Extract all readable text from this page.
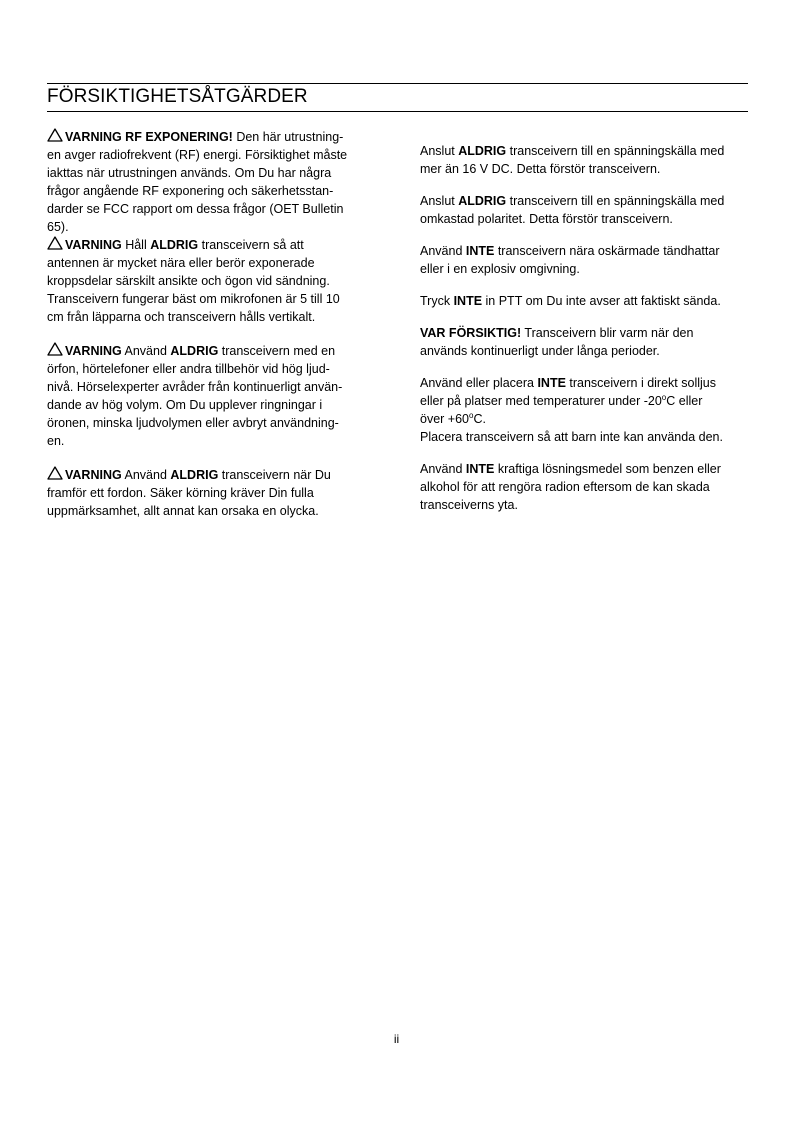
FÖRSIKTIGHETSÅTGÄRDER
VARNING RF EXPONERING! Den här utrustning-
en avger radiofrekvent (RF) energi. Försiktighet måste
iakttas när utrustningen används. Om Du har några
frågor angående RF exponering och säkerhetsstan-
darder se FCC rapport om dessa frågor (OET Bulletin
65).
VARNING Håll ALDRIG transceivern så att
antennen är mycket nära eller berör exponerade
kroppsdelar särskilt ansikte och ögon vid sändning.
Transceivern fungerar bäst om mikrofonen är 5 till 10
cm från läpparna och transceivern hålls vertikalt.
VARNING Använd ALDRIG transceivern med en
örfon, hörtelefoner eller andra tillbehör vid hög ljud-
nivå. Hörselexperter avråder från kontinuerligt använ-
dande av hög volym. Om Du upplever ringningar i
öronen, minska ljudvolymen eller avbryt användning-
en.
VARNING Använd ALDRIG transceivern när Du
framför ett fordon. Säker körning kräver Din fulla
uppmärksamhet, allt annat kan orsaka en olycka.
Anslut ALDRIG transceivern till en spänningskälla med
mer än 16 V DC. Detta förstör transceivern.
Anslut ALDRIG transceivern till en spänningskälla med
omkastad polaritet. Detta förstör transceivern.
Använd INTE transceivern nära oskärmade tändhattar
eller i en explosiv omgivning.
Tryck INTE in PTT om Du inte avser att faktiskt sända.
VAR FÖRSIKTIG! Transceivern blir varm när den
används kontinuerligt under långa perioder.
Använd eller placera INTE transceivern i direkt solljus
eller på platser med temperaturer under -20$^o$C eller
över $+60^oC$.
Placera transceivern så att barn inte kan använda den.
Använd INTE kraftiga lösningsmedel som benzen eller
alkohol för att rengöra radion eftersom de kan skada
transceiverns yta.
ii
